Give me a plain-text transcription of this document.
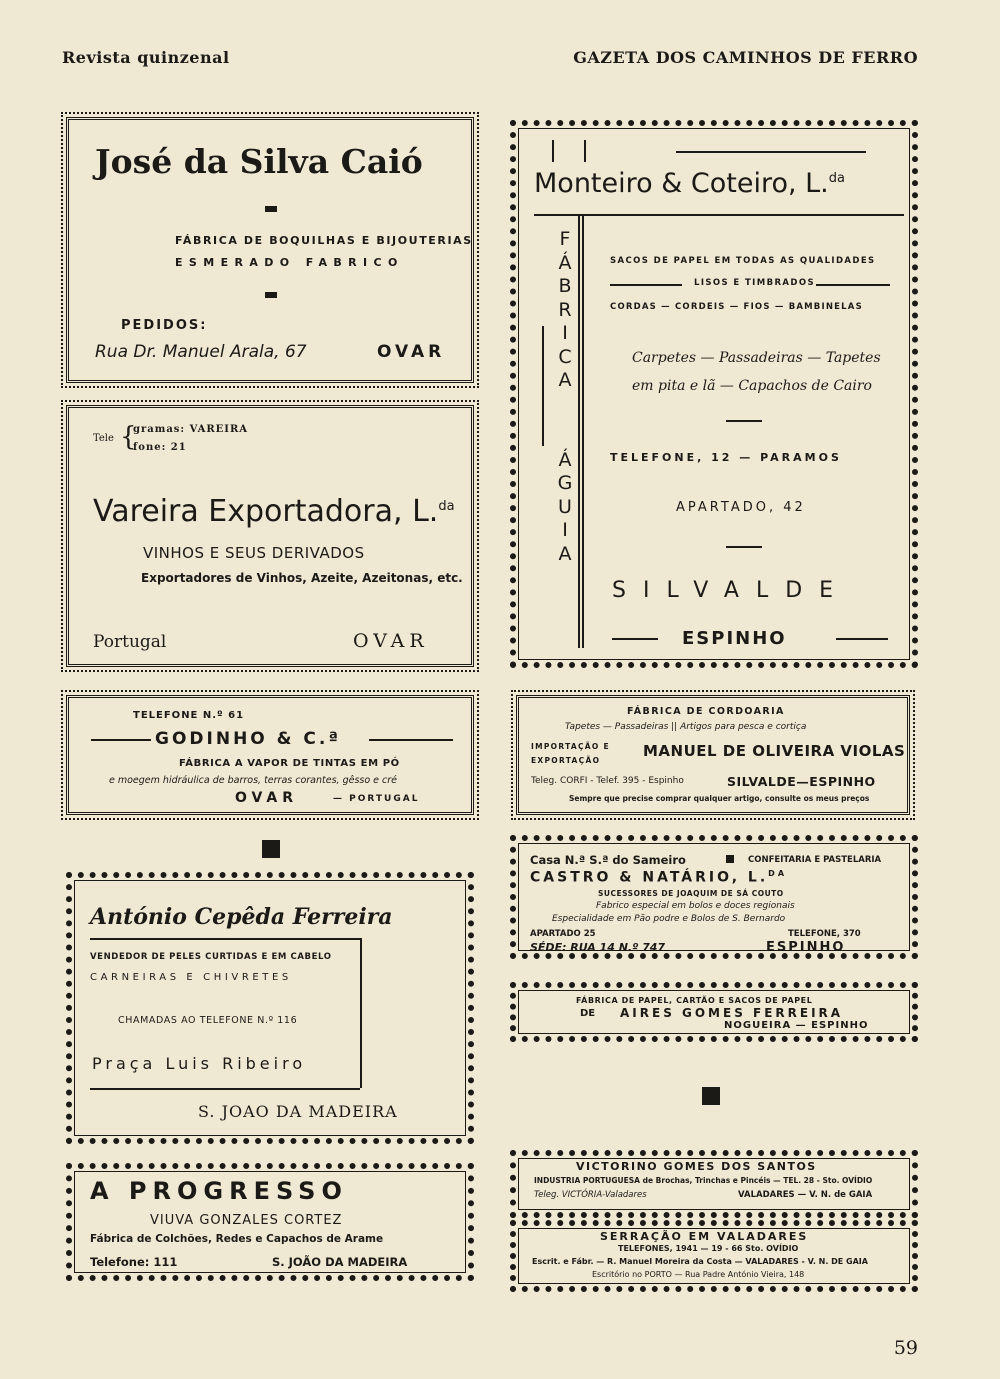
Revista quinzenal	GAZETA DOS CAMINHOS DE FERRO
José da Silva Caió
FÁBRICA DE BOQUILHAS E BIJOUTERIAS
ESMERADO FABRICO
PEDIDOS:
Rua Dr. Manuel Arala, 67	OVAR
Tele {
gramas: VAREIRA
fone: 21
Vareira Exportadora, L.$^{da}$
VINHOS E SEUS DERIVADOS
Exportadores de Vinhos, Azeite, Azeitonas, etc.
Portugal	OVAR
TELEFONE N.º 61
GODINHO & C.ª
FÁBRICA A VAPOR DE TINTAS EM PÓ
e moegem hidráulica de barros, terras corantes, gêsso e cré
OVAR	— PORTUGAL
António Cepêda Ferreira
VENDEDOR DE PELES CURTIDAS E EM CABELO
CARNEIRAS E CHIVRETES
CHAMADAS AO TELEFONE N.º 116
Praça Luis Ribeiro
S. JOAO DA MADEIRA
A PROGRESSO
VIUVA GONZALES CORTEZ
Fábrica de Colchões, Redes e Capachos de Arame
Telefone: 111	S. JOÃO DA MADEIRA
Monteiro & Coteiro, L.$^{da}$
F
Á
B
R
I
C
A
Á
G
U
I
A
SACOS DE PAPEL EM TODAS AS QUALIDADES
LISOS E TIMBRADOS
CORDAS — CORDEIS — FIOS — BAMBINELAS
Carpetes — Passadeiras — Tapetes
em pita e lã — Capachos de Cairo
TELEFONE, 12 — PARAMOS
APARTADO, 42
SILVALDE
ESPINHO
FÁBRICA DE CORDOARIA
Tapetes — Passadeiras || Artigos para pesca e cortiça
IMPORTAÇÃO E
EXPORTAÇÃO
MANUEL DE OLIVEIRA VIOLAS
Teleg. CORFI - Telef. 395 - Espinho	SILVALDE—ESPINHO
Sempre que precise comprar qualquer artigo, consulte os meus preços
Casa N.ª S.ª do Sameiro	CONFEITARIA E PASTELARIA
CASTRO & NATÁRIO, L.$^{DA}$
SUCESSORES DE JOAQUIM DE SÁ COUTO
Fabrico especial em bolos e doces regionais
Especialidade em Pão podre e Bolos de S. Bernardo
APARTADO 25	TELEFONE, 370
SÉDE: RUA 14 N.º 747	ESPINHO
FÁBRICA DE PAPEL, CARTÃO E SACOS DE PAPEL
DE AIRES GOMES FERREIRA
NOGUEIRA — ESPINHO
VICTORINO GOMES DOS SANTOS
INDUSTRIA PORTUGUESA de Brochas, Trinchas e Pincéis — TEL. 28 - Sto. OVÍDIO
Teleg. VICTÓRIA-Valadares	VALADARES — V. N. de GAIA
SERRAÇÃO EM VALADARES
TELEFONES, 1941 — 19 - 66 Sto. OVÍDIO
Escrit. e Fábr. — R. Manuel Moreira da Costa — VALADARES - V. N. DE GAIA
Escritório no PORTO — Rua Padre António Vieira, 148
59
